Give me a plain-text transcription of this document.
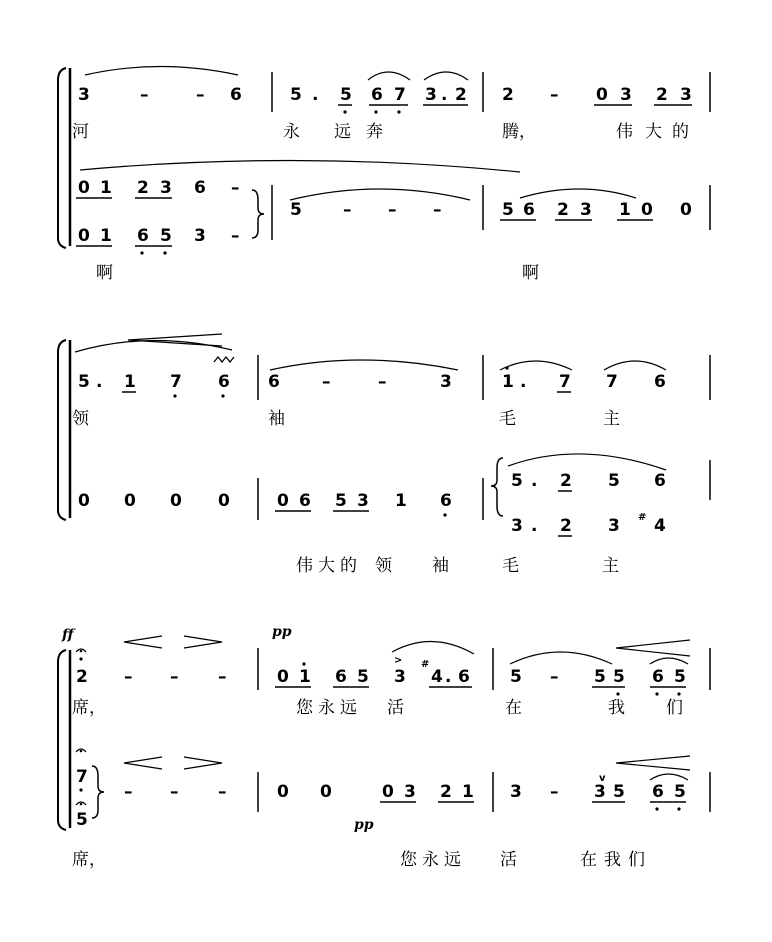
3	–	– 6	5 . 5 6 7 3 . 2 2 – 0 3 2 3
河	永 远 奔	腾，	伟 大 的
0 1 2 3 6 –
0 1 6 5 3 –
5 – – –	5 6 2 3 1 0 0
啊	啊
5 . 1 7 6 6 –	–	3	1 . 7 7 6
领	袖	毛	主
0 0 0 0	0 6 5 3 1 6
5 . 2 5 6
3 . 2 3 # 4
伟 大 的 领 袖	毛	主
ff	pp
pp
2 – – –	0 1 6 5
>
3
#
4 . 6 5 – 5 5 6 5
席，	您 永 远 活	在	我 们
7
5
– – –	0 0	0 3 2 1 3 – 3
v
5 6 5
席，	您 永 远 活	在 我 们
